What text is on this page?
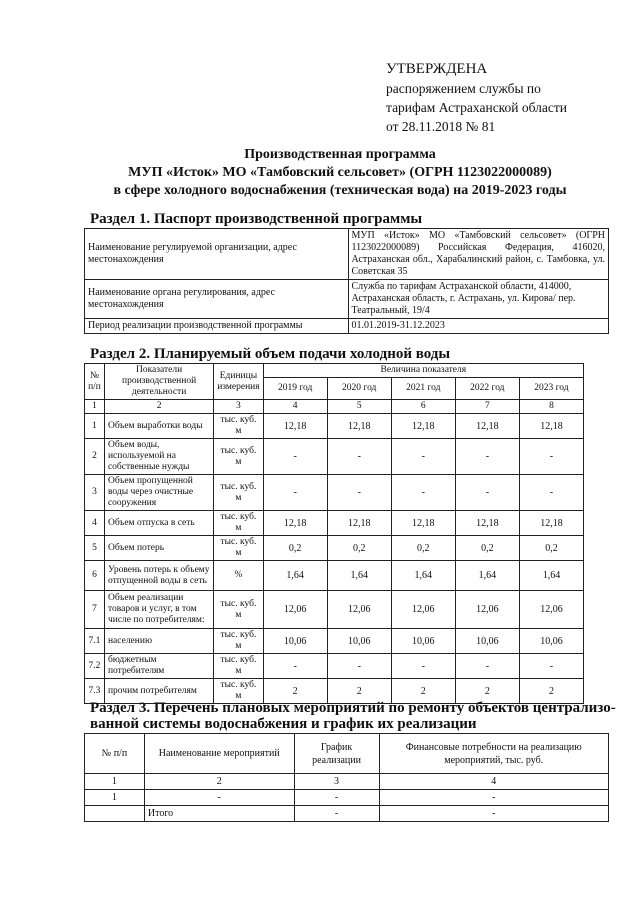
УТВЕРЖДЕНА
распоряжением службы по
тарифам Астраханской области
от 28.11.2018 № 81
Производственная программа
МУП «Исток» МО «Тамбовский сельсовет» (ОГРН 1123022000089)
в сфере холодного водоснабжения (техническая вода) на 2019-2023 годы
Раздел 1. Паспорт производственной программы
Наименование регулируемой организации, адрес местонахождения	МУП «Исток» МО «Тамбовский сельсовет» (ОГРН 1123022000089) Российская Федерация, 416020, Астраханская обл., Харабалинский район, с. Тамбовка, ул. Советская 35
Наименование органа регулирования, адрес местонахождения	Служба по тарифам Астраханской области, 414000, Астраханская область, г. Астрахань, ул. Кирова/ пер. Театральный, 19/4
Период реализации производственной программы	01.01.2019-31.12.2023
Раздел 2. Планируемый объем подачи холодной воды
№ п/п	Показатели производственной деятельности	Единицы измерения	Величина показателя				
			2019 год	2020 год	2021 год	2022 год	2023 год
1	2	3	4	5	6	7	8
1	Объем выработки воды	тыс. куб. м	12,18	12,18	12,18	12,18	12,18
2	Объем воды, используемой на собственные нужды	тыс. куб. м	-	-	-	-	-
3	Объем пропущенной воды через очистные сооружения	тыс. куб. м	-	-	-	-	-
4	Объем отпуска в сеть	тыс. куб. м	12,18	12,18	12,18	12,18	12,18
5	Объем потерь	тыс. куб. м	0,2	0,2	0,2	0,2	0,2
6	Уровень потерь к объему отпущенной воды в сеть	%	1,64	1,64	1,64	1,64	1,64
7	Объем реализации товаров и услуг, в том числе по потребителям:	тыс. куб. м	12,06	12,06	12,06	12,06	12,06
7.1	населению	тыс. куб. м	10,06	10,06	10,06	10,06	10,06
7.2	бюджетным потребителям	тыс. куб. м	-	-	-	-	-
7.3	прочим потребителям	тыс. куб. м	2	2	2	2	2
Раздел 3. Перечень плановых мероприятий по ремонту объектов централизо-
ванной системы водоснабжения и график их реализации
№ п/п	Наименование мероприятий	График реализации	Финансовые потребности на реализацию мероприятий, тыс. руб.
1	2	3	4
1	-	-	-
	Итого	-	-
